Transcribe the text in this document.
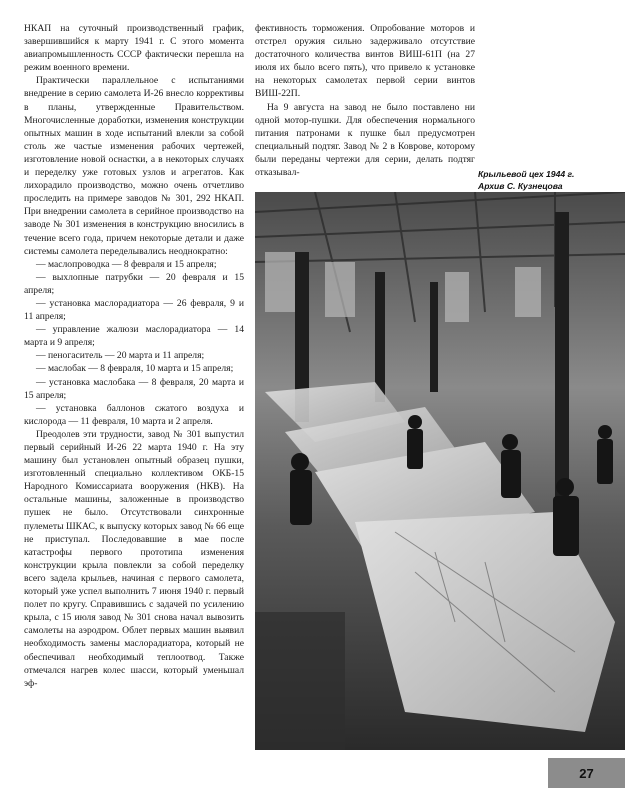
НКАП на суточный производственный график, завершившийся к марту 1941 г. С этого момента авиапромышленность СССР фактически перешла на режим военного времени.

Практически параллельное с испытаниями внедрение в серию самолета И-26 внесло коррективы в планы, утвержденные Правительством. Многочисленные доработки, изменения конструкции опытных машин в ходе испытаний влекли за собой столь же частые изменения рабочих чертежей, изготовление новой оснастки, а в некоторых случаях и переделку уже готовых узлов и агрегатов. Как лихорадило производство, можно очень отчетливо проследить на примере заводов № 301, 292 НКАП. При внедрении самолета в серийное производство на заводе № 301 изменения в конструкцию вносились в течение всего года, причем некоторые детали и даже системы самолета переделывались неоднократно:

— маслопроводка — 8 февраля и 15 апреля;

— выхлопные патрубки — 20 февраля и 15 апреля;

— установка маслорадиатора — 26 февраля, 9 и 11 апреля;

— управление жалюзи маслорадиатора — 14 марта и 9 апреля;

— пеногаситель — 20 марта и 11 апреля;

— маслобак — 8 февраля, 10 марта и 15 апреля;

— установка маслобака — 8 февраля, 20 марта и 15 апреля;

— установка баллонов сжатого воздуха и кислорода — 11 февраля, 10 марта и 2 апреля.

Преодолев эти трудности, завод № 301 выпустил первый серийный И-26 22 марта 1940 г. На эту машину был установлен опытный образец пушки, изготовленный специально коллективом ОКБ-15 Народного Комиссариата вооружения (НКВ). На остальные машины, заложенные в производство пушек не было. Отсутствовали синхронные пулеметы ШКАС, к выпуску которых завод № 66 еще не приступал. Последовавшие в мае после катастрофы первого прототипа изменения конструкции крыла повлекли за собой переделку всего задела крыльев, начиная с первого самолета, который уже успел выполнить 7 июня 1940 г. первый полет по кругу. Справившись с задачей по усилению крыла, с 15 июля завод № 301 снова начал вывозить самолеты на аэродром. Облет первых машин выявил необходимость замены маслорадиатора, который не обеспечивал необходимый теплоотвод. Также отмечался нагрев колес шасси, который уменьшал эф-

фективность торможения. Опробование моторов и отстрел оружия сильно задерживало отсутствие достаточного количества винтов ВИШ-61П (на 27 июля их было всего пять), что привело к установке на некоторых самолетах первой серии винтов ВИШ-22П.

На 9 августа на завод не было поставлено ни одной мотор-пушки. Для обеспечения нормального питания патронами к пушке был предусмотрен специальный подтяг. Завод № 2 в Коврове, которому были переданы чертежи для серии, делать подтяг отказывал-	Крыльевой цех 1944 г.
Архив С. Кузнецова
27
